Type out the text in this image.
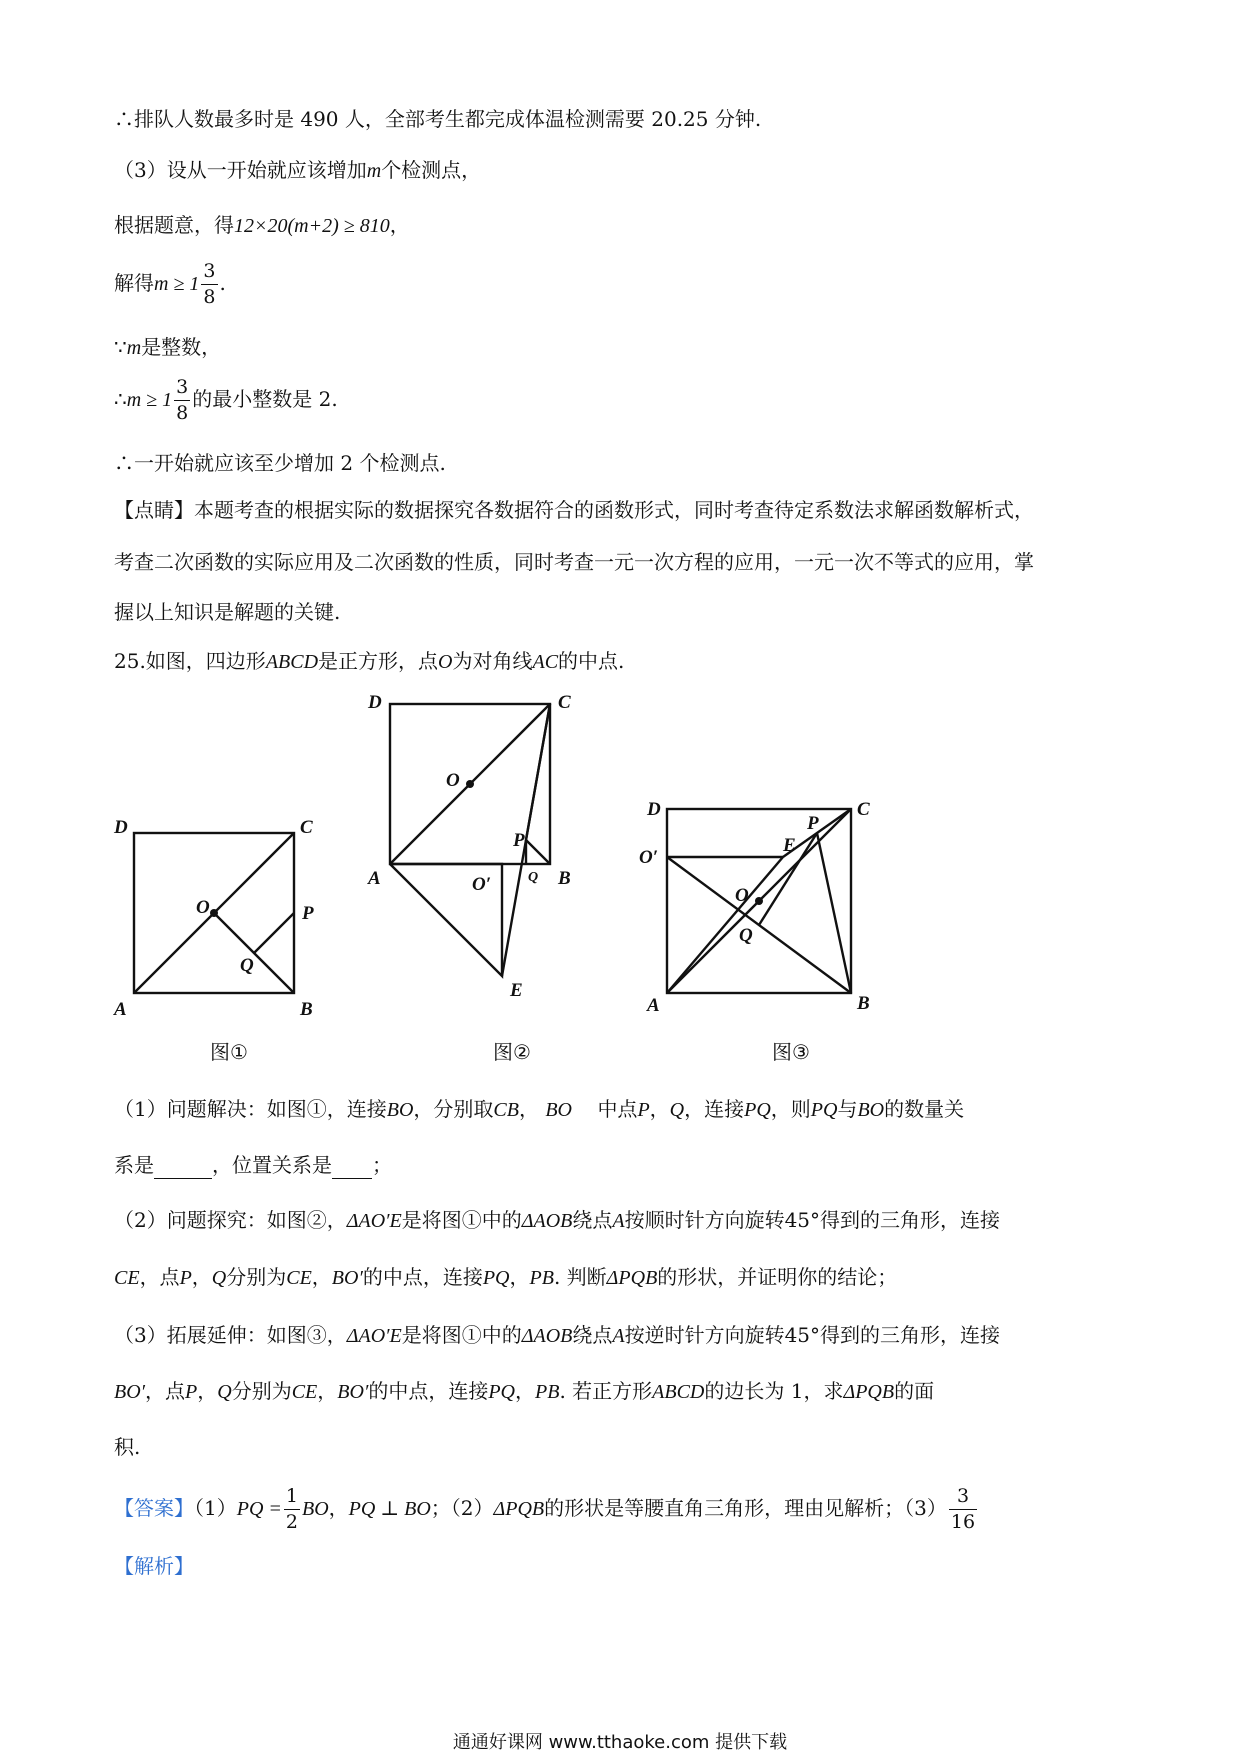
∴排队人数最多时是 490 人，全部考生都完成体温检测需要 20.25 分钟.
（3）设从一开始就应该增加m个检测点，
根据题意，得12×20(m+2) ≥ 810，
解得$m \ge 1 \frac{3}{8}$ .
∵m是整数，
∴m ≥ $1 \frac{3}{8}$ 的最小整数是 2.
∴一开始就应该至少增加 2 个检测点.
【点睛】本题考查的根据实际的数据探究各数据符合的函数形式，同时考查待定系数法求解函数解析式，
考查二次函数的实际应用及二次函数的性质，同时考查一元一次方程的应用，一元一次不等式的应用，掌
握以上知识是解题的关键.
25.如图，四边形ABCD是正方形，点O为对角线AC的中点.
A	B
C
D
O	P
Q
图①
A	B
C
D
O
P
Q
O′
E
图②
A	B
C
D
O
P
Q
O′
E
图③
（1）问题解决：如图①，连接BO，分别取CB， BO 中点P，Q，连接PQ，则PQ与BO的数量关
系是	，位置关系是 ；
（2）问题探究：如图②，ΔAO′E是将图①中的ΔAOB绕点A按顺时针方向旋转45°得到的三角形，连接
CE，点P，Q分别为CE，BO′的中点，连接PQ，PB. 判断ΔPQB的形状，并证明你的结论；
（3）拓展延伸：如图③，ΔAO′E是将图①中的ΔAOB绕点A按逆时针方向旋转45°得到的三角形，连接
BO′，点P，Q分别为CE，BO′的中点，连接PQ，PB. 若正方形ABCD的边长为 1，求ΔPQB的面
积.
【答案】$(1)PQ = \frac{1}{2}$ BO，PQ ⊥ BO；（2）ΔPQB的形状是等腰直角三角形，理由见解析；$(3) \frac{3}{16}$
【解析】
通通好课网 www.tthaoke.com 提供下载
